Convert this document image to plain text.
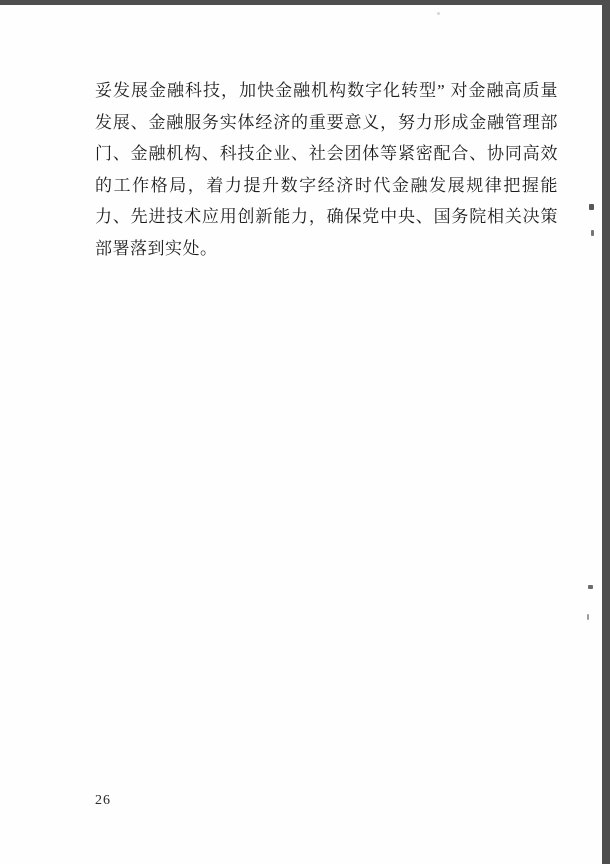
妥发展金融科技，加快金融机构数字化转型” 对金融高质量
发展、金融服务实体经济的重要意义，努力形成金融管理部
门、金融机构、科技企业、社会团体等紧密配合、协同高效
的工作格局，着力提升数字经济时代金融发展规律把握能
力、先进技术应用创新能力，确保党中央、国务院相关决策
部署落到实处。
26
